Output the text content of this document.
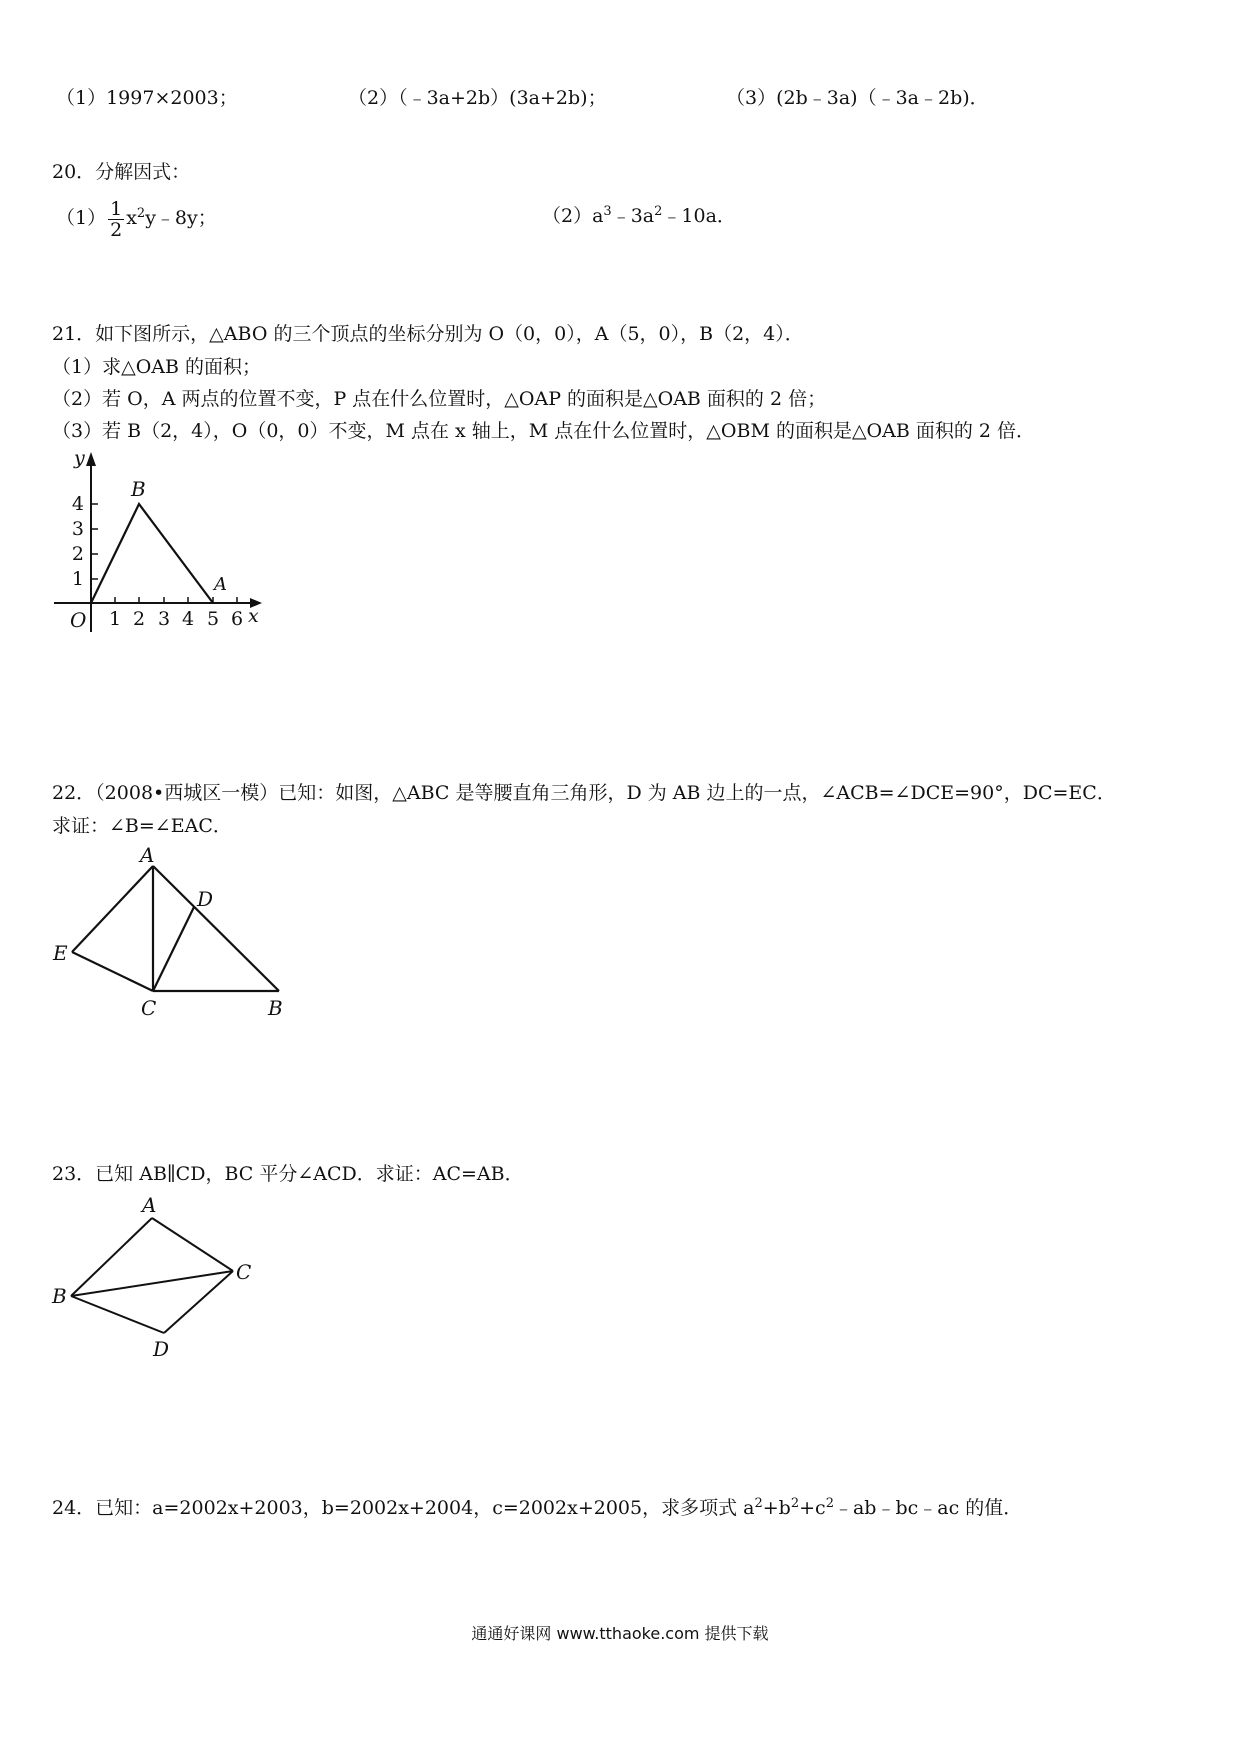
（1）1997×2003；	（2）（﹣3a+2b）(3a+2b)；	（3）(2b﹣3a)（﹣3a﹣2b)．
20．分解因式：
$(1) \frac{1}{2}$ $x^2y﹣8y$；	$(2)a^3﹣3a^2﹣10a$．
21．如下图所示，△ABO 的三个顶点的坐标分别为 O（0，0），A（5，0），B（2，4）．
（1）求△OAB 的面积；
（2）若 O，A 两点的位置不变，P 点在什么位置时，△OAP 的面积是△OAB 面积的 2 倍；
（3）若 B（2，4），O（0，0）不变，M 点在 x 轴上，M 点在什么位置时，△OBM 的面积是△OAB 面积的 2 倍．
1 2 3 4 5 6
1
2
3
4
y
x
O
B
A
22．（2008•西城区一模）已知：如图，△ABC 是等腰直角三角形，D 为 AB 边上的一点，∠ACB=∠DCE=90°，DC=EC．
求证：∠B=∠EAC．
A
D
E
C	B
23．已知 AB∥CD，BC 平分∠ACD．求证：AC=AB．
A
B
C
D
24．已知：a=2002x+2003，b=2002x+2004，c=2002x+2005，求多项式 $a^2+b^2+c^2﹣ab﹣bc﹣ac$ 的值．
通通好课网 www.tthaoke.com 提供下载
